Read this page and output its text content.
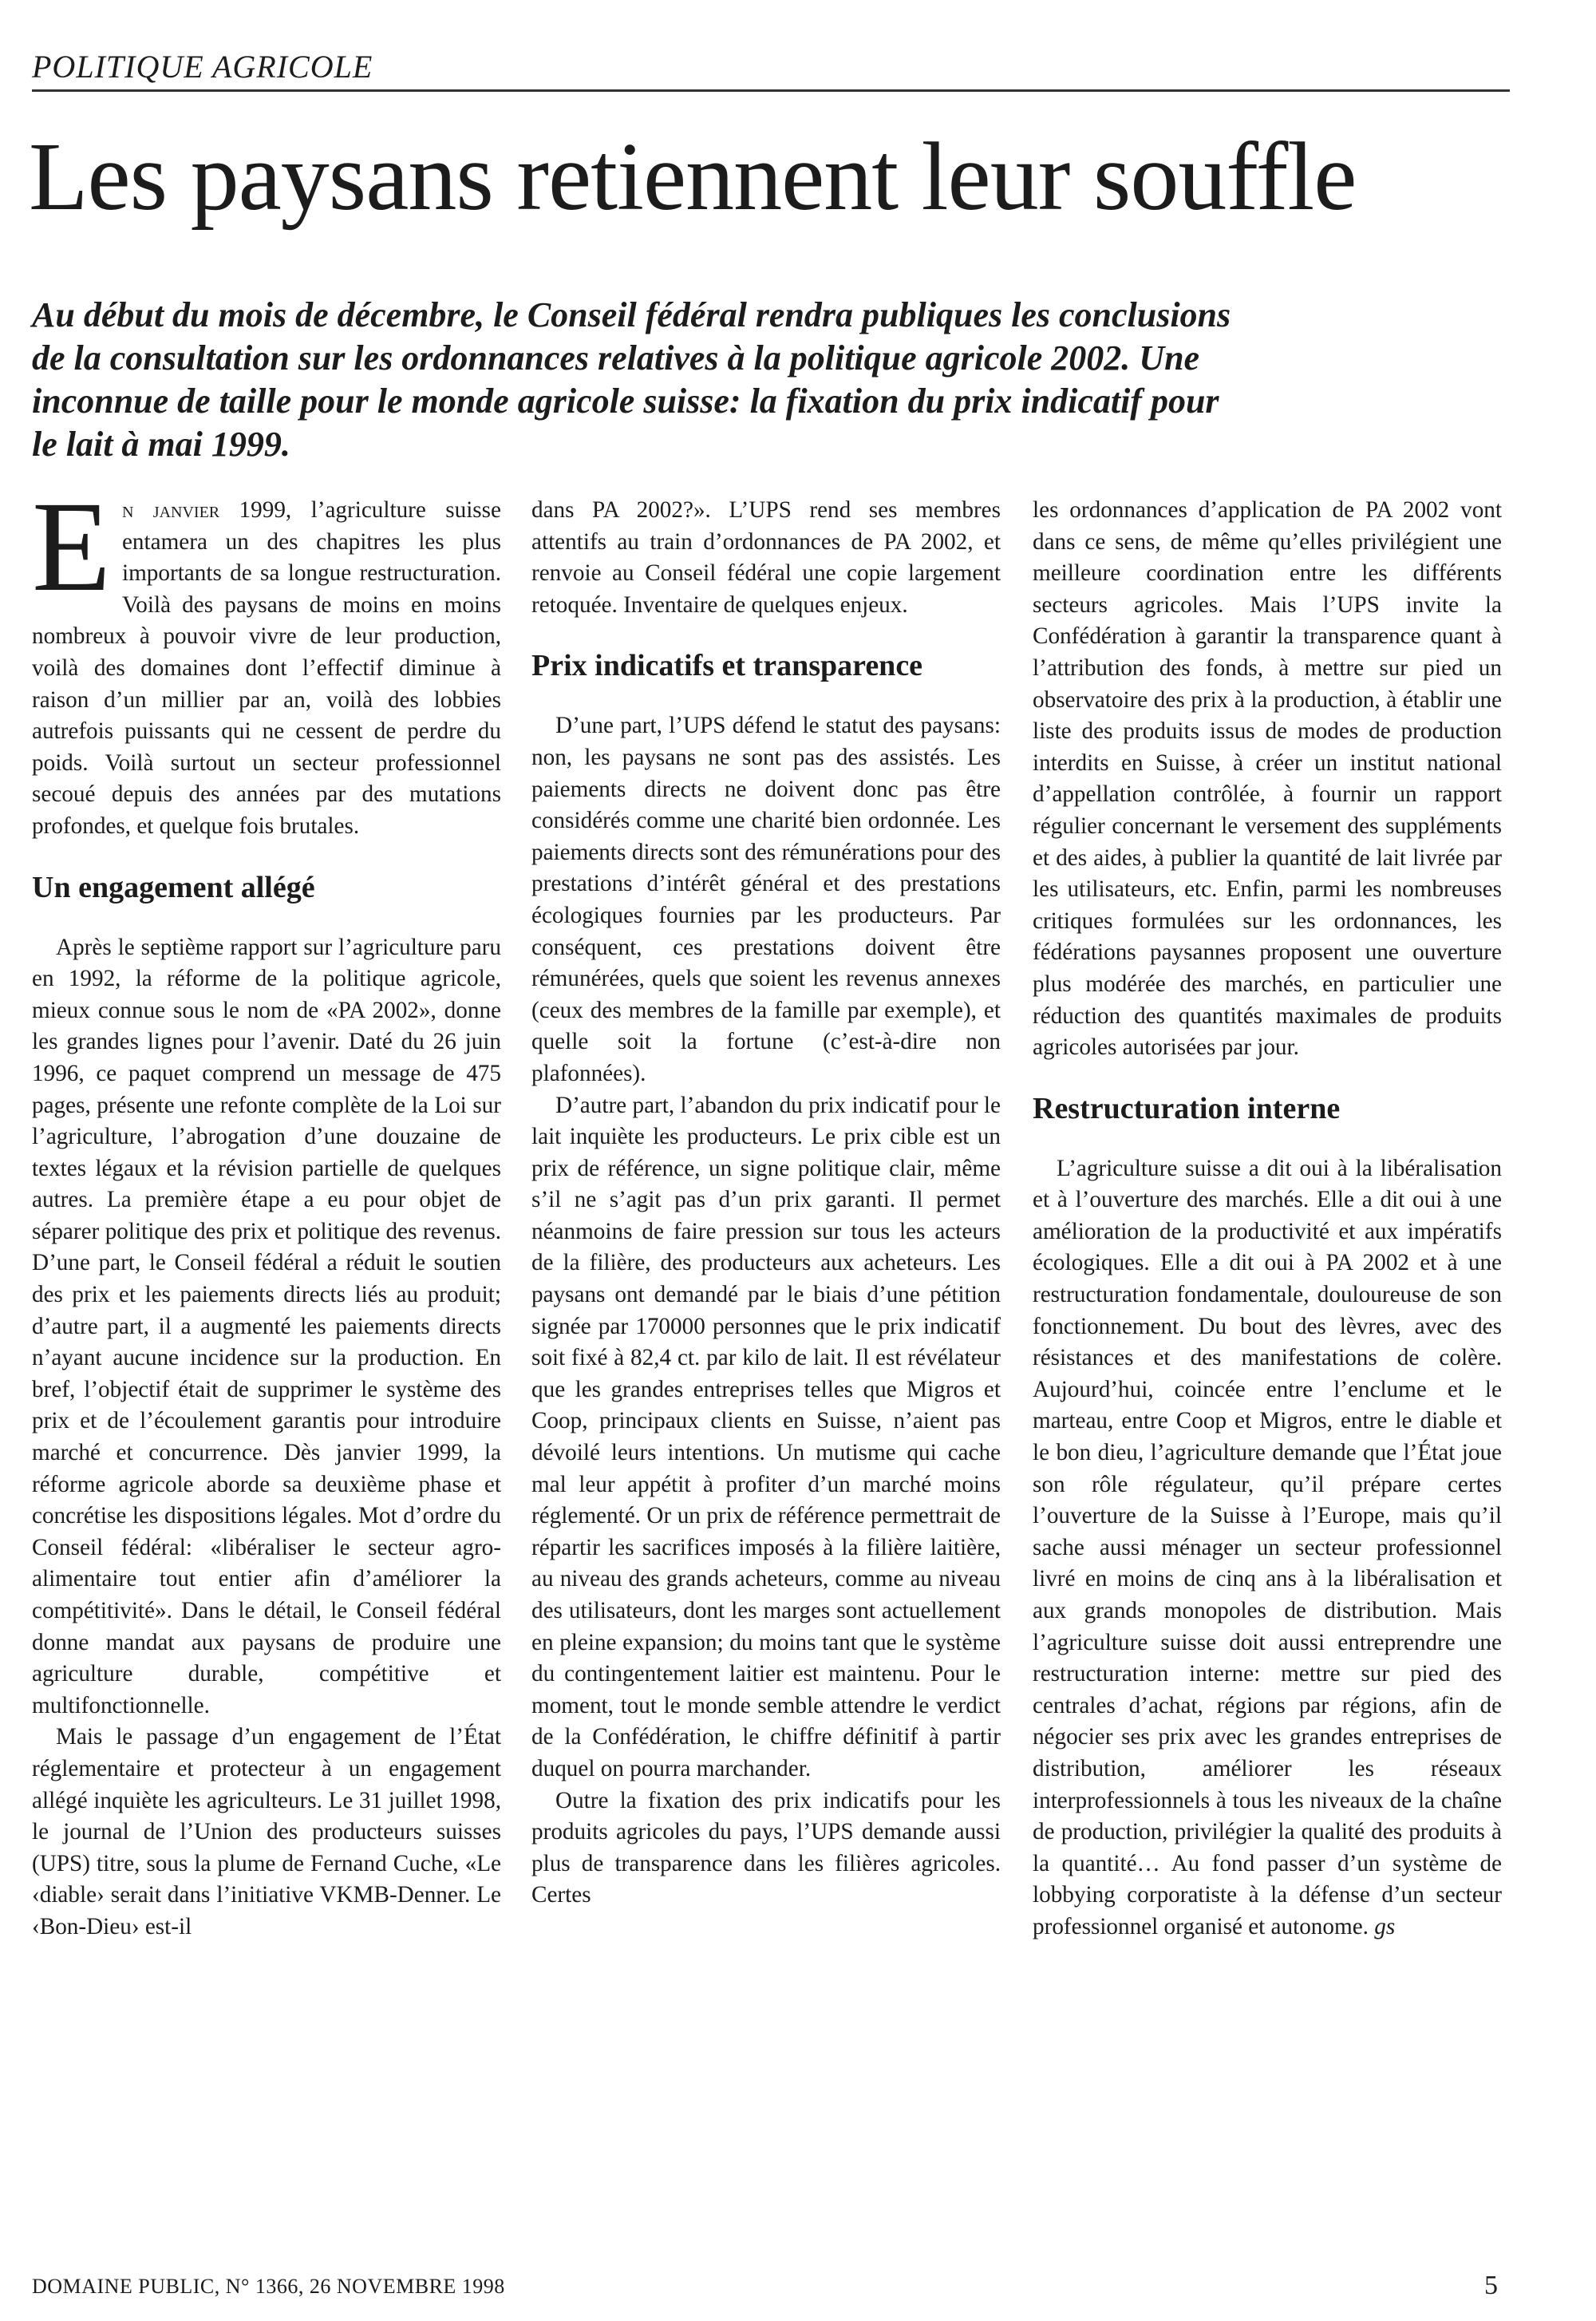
POLITIQUE AGRICOLE
Les paysans retiennent leur souffle
Au début du mois de décembre, le Conseil fédéral rendra publiques les conclusions de la consultation sur les ordonnances relatives à la politique agricole 2002. Une inconnue de taille pour le monde agricole suisse: la fixation du prix indicatif pour le lait à mai 1999.

En janvier 1999, l’agriculture suisse entamera un des chapitres les plus importants de sa longue restructuration. Voilà des paysans de moins en moins nombreux à pouvoir vivre de leur production, voilà des domaines dont l’effectif diminue à raison d’un millier par an, voilà des lobbies autrefois puissants qui ne cessent de perdre du poids. Voilà surtout un secteur professionnel secoué depuis des années par des mutations profondes, et quelque fois brutales.

Un engagement allégé

Après le septième rapport sur l’agriculture paru en 1992, la réforme de la politique agricole, mieux connue sous le nom de «PA 2002», donne les grandes lignes pour l’avenir. Daté du 26 juin 1996, ce paquet comprend un message de 475 pages, présente une refonte complète de la Loi sur l’agriculture, l’abrogation d’une douzaine de textes légaux et la révision partielle de quelques autres. La première étape a eu pour objet de séparer politique des prix et politique des revenus. D’une part, le Conseil fédéral a réduit le soutien des prix et les paiements directs liés au produit; d’autre part, il a augmenté les paiements directs n’ayant aucune incidence sur la production. En bref, l’objectif était de supprimer le système des prix et de l’écoulement garantis pour introduire marché et concurrence. Dès janvier 1999, la réforme agricole aborde sa deuxième phase et concrétise les dispositions légales. Mot d’ordre du Conseil fédéral: «libéraliser le secteur agro-alimentaire tout entier afin d’améliorer la compétitivité». Dans le détail, le Conseil fédéral donne mandat aux paysans de produire une agriculture durable, compétitive et multifonctionnelle.

Mais le passage d’un engagement de l’État réglementaire et protecteur à un engagement allégé inquiète les agriculteurs. Le 31 juillet 1998, le journal de l’Union des producteurs suisses (UPS) titre, sous la plume de Fernand Cuche, «Le ‹diable› serait dans l’initiative VKMB-Denner. Le ‹Bon-Dieu› est-il

dans PA 2002?». L’UPS rend ses membres attentifs au train d’ordonnances de PA 2002, et renvoie au Conseil fédéral une copie largement retoquée. Inventaire de quelques enjeux.

Prix indicatifs et transparence

D’une part, l’UPS défend le statut des paysans: non, les paysans ne sont pas des assistés. Les paiements directs ne doivent donc pas être considérés comme une charité bien ordonnée. Les paiements directs sont des rémunérations pour des prestations d’intérêt général et des prestations écologiques fournies par les producteurs. Par conséquent, ces prestations doivent être rémunérées, quels que soient les revenus annexes (ceux des membres de la famille par exemple), et quelle soit la fortune (c’est-à-dire non plafonnées).

D’autre part, l’abandon du prix indicatif pour le lait inquiète les producteurs. Le prix cible est un prix de référence, un signe politique clair, même s’il ne s’agit pas d’un prix garanti. Il permet néanmoins de faire pression sur tous les acteurs de la filière, des producteurs aux acheteurs. Les paysans ont demandé par le biais d’une pétition signée par 170000 personnes que le prix indicatif soit fixé à 82,4 ct. par kilo de lait. Il est révélateur que les grandes entreprises telles que Migros et Coop, principaux clients en Suisse, n’aient pas dévoilé leurs intentions. Un mutisme qui cache mal leur appétit à profiter d’un marché moins réglementé. Or un prix de référence permettrait de répartir les sacrifices imposés à la filière laitière, au niveau des grands acheteurs, comme au niveau des utilisateurs, dont les marges sont actuellement en pleine expansion; du moins tant que le système du contingentement laitier est maintenu. Pour le moment, tout le monde semble attendre le verdict de la Confédération, le chiffre définitif à partir duquel on pourra marchander.

Outre la fixation des prix indicatifs pour les produits agricoles du pays, l’UPS demande aussi plus de transparence dans les filières agricoles. Certes

les ordonnances d’application de PA 2002 vont dans ce sens, de même qu’elles privilégient une meilleure coordination entre les différents secteurs agricoles. Mais l’UPS invite la Confédération à garantir la transparence quant à l’attribution des fonds, à mettre sur pied un observatoire des prix à la production, à établir une liste des produits issus de modes de production interdits en Suisse, à créer un institut national d’appellation contrôlée, à fournir un rapport régulier concernant le versement des suppléments et des aides, à publier la quantité de lait livrée par les utilisateurs, etc. Enfin, parmi les nombreuses critiques formulées sur les ordonnances, les fédérations paysannes proposent une ouverture plus modérée des marchés, en particulier une réduction des quantités maximales de produits agricoles autorisées par jour.

Restructuration interne

L’agriculture suisse a dit oui à la libéralisation et à l’ouverture des marchés. Elle a dit oui à une amélioration de la productivité et aux impératifs écologiques. Elle a dit oui à PA 2002 et à une restructuration fondamentale, douloureuse de son fonctionnement. Du bout des lèvres, avec des résistances et des manifestations de colère. Aujourd’hui, coincée entre l’enclume et le marteau, entre Coop et Migros, entre le diable et le bon dieu, l’agriculture demande que l’État joue son rôle régulateur, qu’il prépare certes l’ouverture de la Suisse à l’Europe, mais qu’il sache aussi ménager un secteur professionnel livré en moins de cinq ans à la libéralisation et aux grands monopoles de distribution. Mais l’agriculture suisse doit aussi entreprendre une restructuration interne: mettre sur pied des centrales d’achat, régions par régions, afin de négocier ses prix avec les grandes entreprises de distribution, améliorer les réseaux interprofessionnels à tous les niveaux de la chaîne de production, privilégier la qualité des produits à la quantité… Au fond passer d’un système de lobbying corporatiste à la défense d’un secteur professionnel organisé et autonome. gs

DOMAINE PUBLIC, N° 1366, 26 NOVEMBRE 1998	5
